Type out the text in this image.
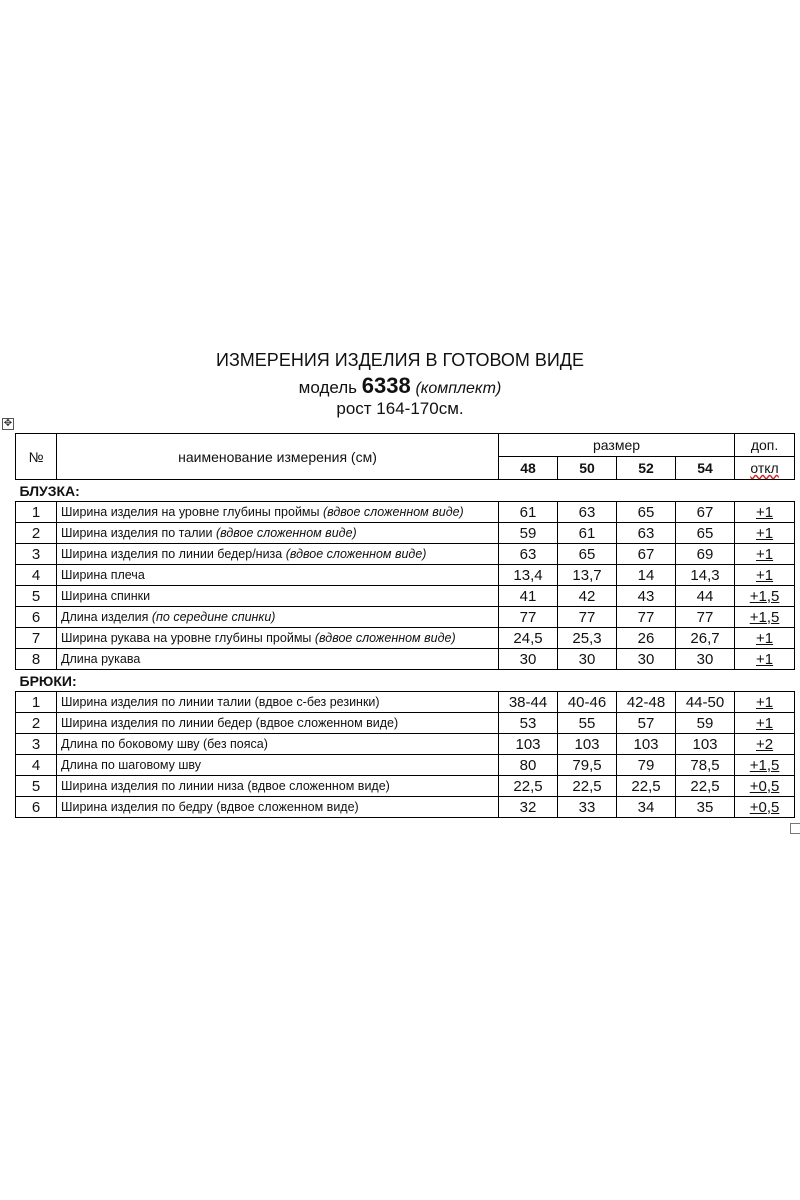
ИЗМЕРЕНИЯ ИЗДЕЛИЯ В ГОТОВОМ ВИДЕ
модель 6338 (комплект)
рост 164-170см.
✥
№	наименование измерения (см)	размер				доп.
		48	50	52	54	откл
БЛУЗКА:						
1	Ширина изделия на уровне глубины проймы (вдвое сложенном виде)	61	63	65	67	+1
2	Ширина изделия по талии (вдвое сложенном виде)	59	61	63	65	+1
3	Ширина изделия по линии бедер/низа (вдвое сложенном виде)	63	65	67	69	+1
4	Ширина плеча	13,4	13,7	14	14,3	+1
5	Ширина спинки	41	42	43	44	+1,5
6	Длина изделия (по середине спинки)	77	77	77	77	+1,5
7	Ширина рукава на уровне глубины проймы (вдвое сложенном виде)	24,5	25,3	26	26,7	+1
8	Длина рукава	30	30	30	30	+1
БРЮКИ:						
1	Ширина изделия по линии талии (вдвое с-без резинки)	38-44	40-46	42-48	44-50	+1
2	Ширина изделия по линии бедер (вдвое сложенном виде)	53	55	57	59	+1
3	Длина по боковому шву (без пояса)	103	103	103	103	+2
4	Длина по шаговому шву	80	79,5	79	78,5	+1,5
5	Ширина изделия по линии низа (вдвое сложенном виде)	22,5	22,5	22,5	22,5	+0,5
6	Ширина изделия по бедру (вдвое сложенном виде)	32	33	34	35	+0,5
